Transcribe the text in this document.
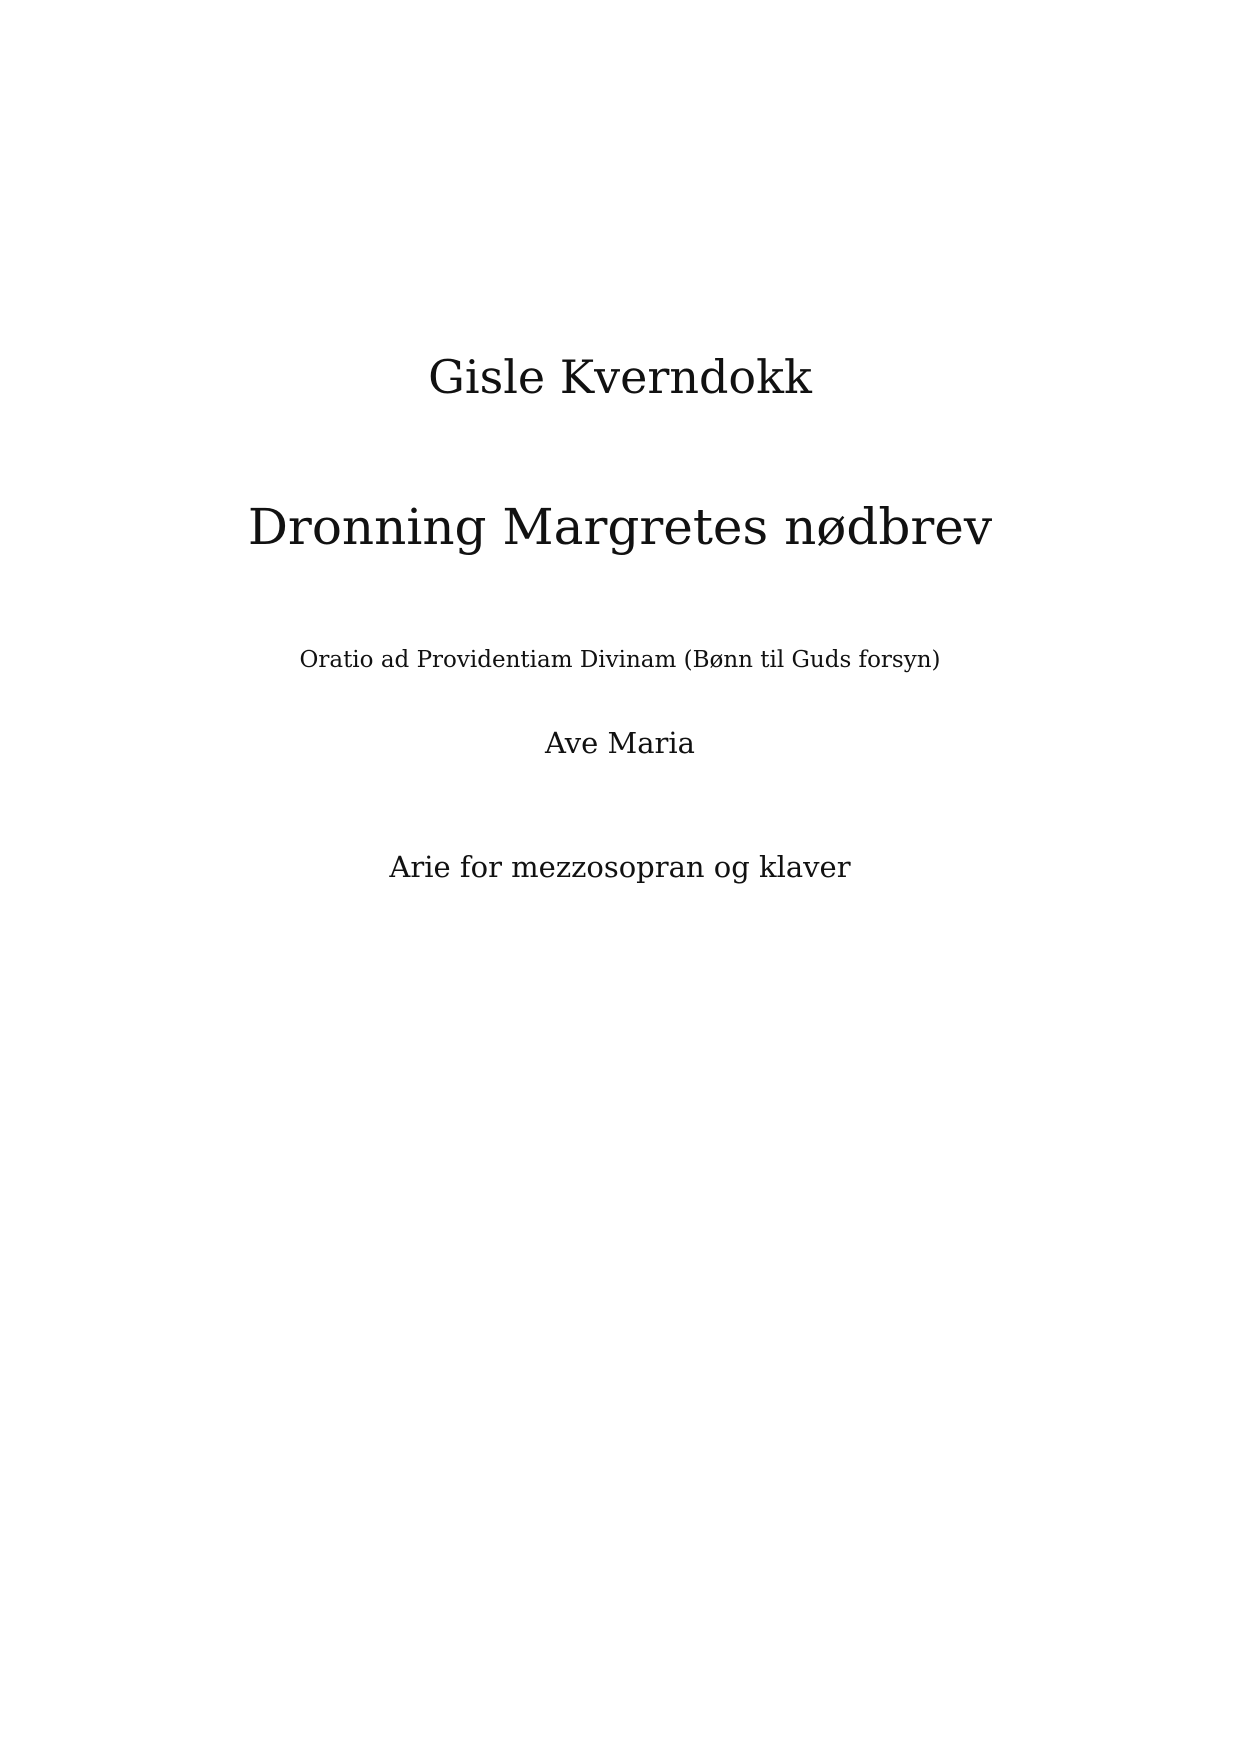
Gisle Kverndokk
Dronning Margretes nødbrev
Oratio ad Providentiam Divinam (Bønn til Guds forsyn)
Ave Maria
Arie for mezzosopran og klaver
